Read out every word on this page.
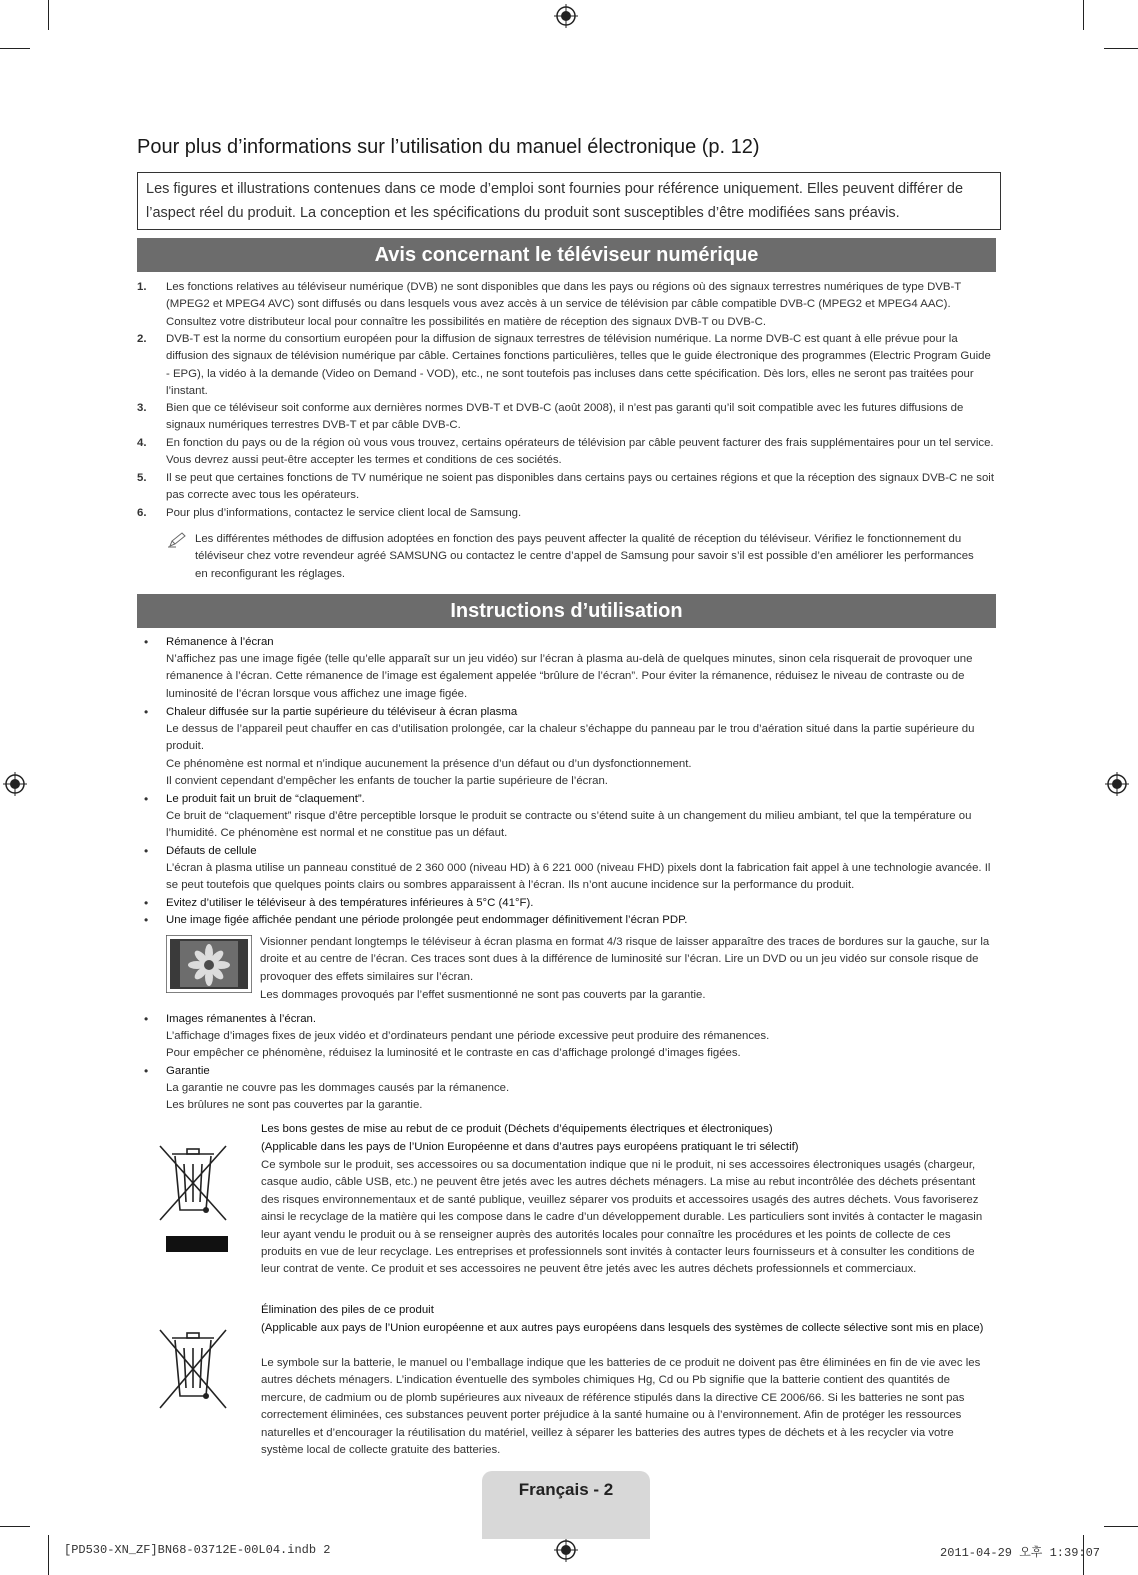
Pour plus d’informations sur l’utilisation du manuel électronique (p. 12)
Les figures et illustrations contenues dans ce mode d’emploi sont fournies pour référence uniquement. Elles peuvent différer de l’aspect réel du produit. La conception et les spécifications du produit sont susceptibles d’être modifiées sans préavis.
Avis concernant le téléviseur numérique
1. Les fonctions relatives au téléviseur numérique (DVB) ne sont disponibles que dans les pays ou régions où des signaux terrestres numériques de type DVB-T (MPEG2 et MPEG4 AVC) sont diffusés ou dans lesquels vous avez accès à un service de télévision par câble compatible DVB-C (MPEG2 et MPEG4 AAC). Consultez votre distributeur local pour connaître les possibilités en matière de réception des signaux DVB-T ou DVB-C.
2. DVB-T est la norme du consortium européen pour la diffusion de signaux terrestres de télévision numérique. La norme DVB-C est quant à elle prévue pour la diffusion des signaux de télévision numérique par câble. Certaines fonctions particulières, telles que le guide électronique des programmes (Electric Program Guide - EPG), la vidéo à la demande (Video on Demand - VOD), etc., ne sont toutefois pas incluses dans cette spécification. Dès lors, elles ne seront pas traitées pour l’instant.
3. Bien que ce téléviseur soit conforme aux dernières normes DVB-T et DVB-C (août 2008), il n’est pas garanti qu’il soit compatible avec les futures diffusions de signaux numériques terrestres DVB-T et par câble DVB-C.
4. En fonction du pays ou de la région où vous vous trouvez, certains opérateurs de télévision par câble peuvent facturer des frais supplémentaires pour un tel service. Vous devrez aussi peut-être accepter les termes et conditions de ces sociétés.
5. Il se peut que certaines fonctions de TV numérique ne soient pas disponibles dans certains pays ou certaines régions et que la réception des signaux DVB-C ne soit pas correcte avec tous les opérateurs.
6. Pour plus d’informations, contactez le service client local de Samsung.
Les différentes méthodes de diffusion adoptées en fonction des pays peuvent affecter la qualité de réception du téléviseur. Vérifiez le fonctionnement du téléviseur chez votre revendeur agréé SAMSUNG ou contactez le centre d’appel de Samsung pour savoir s’il est possible d’en améliorer les performances en reconfigurant les réglages.
Instructions d’utilisation
• Rémanence à l’écran
N’affichez pas une image figée (telle qu’elle apparaît sur un jeu vidéo) sur l’écran à plasma au-delà de quelques minutes, sinon cela risquerait de provoquer une rémanence à l’écran. Cette rémanence de l’image est également appelée “brûlure de l’écran”. Pour éviter la rémanence, réduisez le niveau de contraste ou de luminosité de l’écran lorsque vous affichez une image figée.
• Chaleur diffusée sur la partie supérieure du téléviseur à écran plasma
Le dessus de l’appareil peut chauffer en cas d’utilisation prolongée, car la chaleur s’échappe du panneau par le trou d’aération situé dans la partie supérieure du produit.
Ce phénomène est normal et n’indique aucunement la présence d’un défaut ou d’un dysfonctionnement.
Il convient cependant d’empêcher les enfants de toucher la partie supérieure de l’écran.
• Le produit fait un bruit de “claquement”.
Ce bruit de “claquement” risque d’être perceptible lorsque le produit se contracte ou s’étend suite à un changement du milieu ambiant, tel que la température ou l’humidité. Ce phénomène est normal et ne constitue pas un défaut.
• Défauts de cellule
L’écran à plasma utilise un panneau constitué de 2 360 000 (niveau HD) à 6 221 000 (niveau FHD) pixels dont la fabrication fait appel à une technologie avancée. Il se peut toutefois que quelques points clairs ou sombres apparaissent à l’écran. Ils n’ont aucune incidence sur la performance du produit.
• Evitez d’utiliser le téléviseur à des températures inférieures à 5°C (41°F).
• Une image figée affichée pendant une période prolongée peut endommager définitivement l’écran PDP.
Visionner pendant longtemps le téléviseur à écran plasma en format 4/3 risque de laisser apparaître des traces de bordures sur la gauche, sur la droite et au centre de l’écran. Ces traces sont dues à la différence de luminosité sur l’écran. Lire un DVD ou un jeu vidéo sur console risque de provoquer des effets similaires sur l’écran.
Les dommages provoqués par l’effet susmentionné ne sont pas couverts par la garantie.
• Images rémanentes à l’écran.
L’affichage d’images fixes de jeux vidéo et d’ordinateurs pendant une période excessive peut produire des rémanences.
Pour empêcher ce phénomène, réduisez la luminosité et le contraste en cas d’affichage prolongé d’images figées.
• Garantie
La garantie ne couvre pas les dommages causés par la rémanence.
Les brûlures ne sont pas couvertes par la garantie.
Les bons gestes de mise au rebut de ce produit (Déchets d’équipements électriques et électroniques)
(Applicable dans les pays de l’Union Européenne et dans d’autres pays européens pratiquant le tri sélectif)
Ce symbole sur le produit, ses accessoires ou sa documentation indique que ni le produit, ni ses accessoires électroniques usagés (chargeur, casque audio, câble USB, etc.) ne peuvent être jetés avec les autres déchets ménagers. La mise au rebut incontrôlée des déchets présentant des risques environnementaux et de santé publique, veuillez séparer vos produits et accessoires usagés des autres déchets. Vous favoriserez ainsi le recyclage de la matière qui les compose dans le cadre d’un développement durable. Les particuliers sont invités à contacter le magasin leur ayant vendu le produit ou à se renseigner auprès des autorités locales pour connaître les procédures et les points de collecte de ces produits en vue de leur recyclage. Les entreprises et professionnels sont invités à contacter leurs fournisseurs et à consulter les conditions de leur contrat de vente. Ce produit et ses accessoires ne peuvent être jetés avec les autres déchets professionnels et commerciaux.
Élimination des piles de ce produit
(Applicable aux pays de l’Union européenne et aux autres pays européens dans lesquels des systèmes de collecte sélective sont mis en place)
Le symbole sur la batterie, le manuel ou l’emballage indique que les batteries de ce produit ne doivent pas être éliminées en fin de vie avec les autres déchets ménagers. L’indication éventuelle des symboles chimiques Hg, Cd ou Pb signifie que la batterie contient des quantités de mercure, de cadmium ou de plomb supérieures aux niveaux de référence stipulés dans la directive CE 2006/66. Si les batteries ne sont pas correctement éliminées, ces substances peuvent porter préjudice à la santé humaine ou à l’environnement. Afin de protéger les ressources naturelles et d’encourager la réutilisation du matériel, veillez à séparer les batteries des autres types de déchets et à les recycler via votre système local de collecte gratuite des batteries.
Français - 2
[PD530-XN_ZF]BN68-03712E-00L04.indb 2	2011-04-29 오후 1:39:07
